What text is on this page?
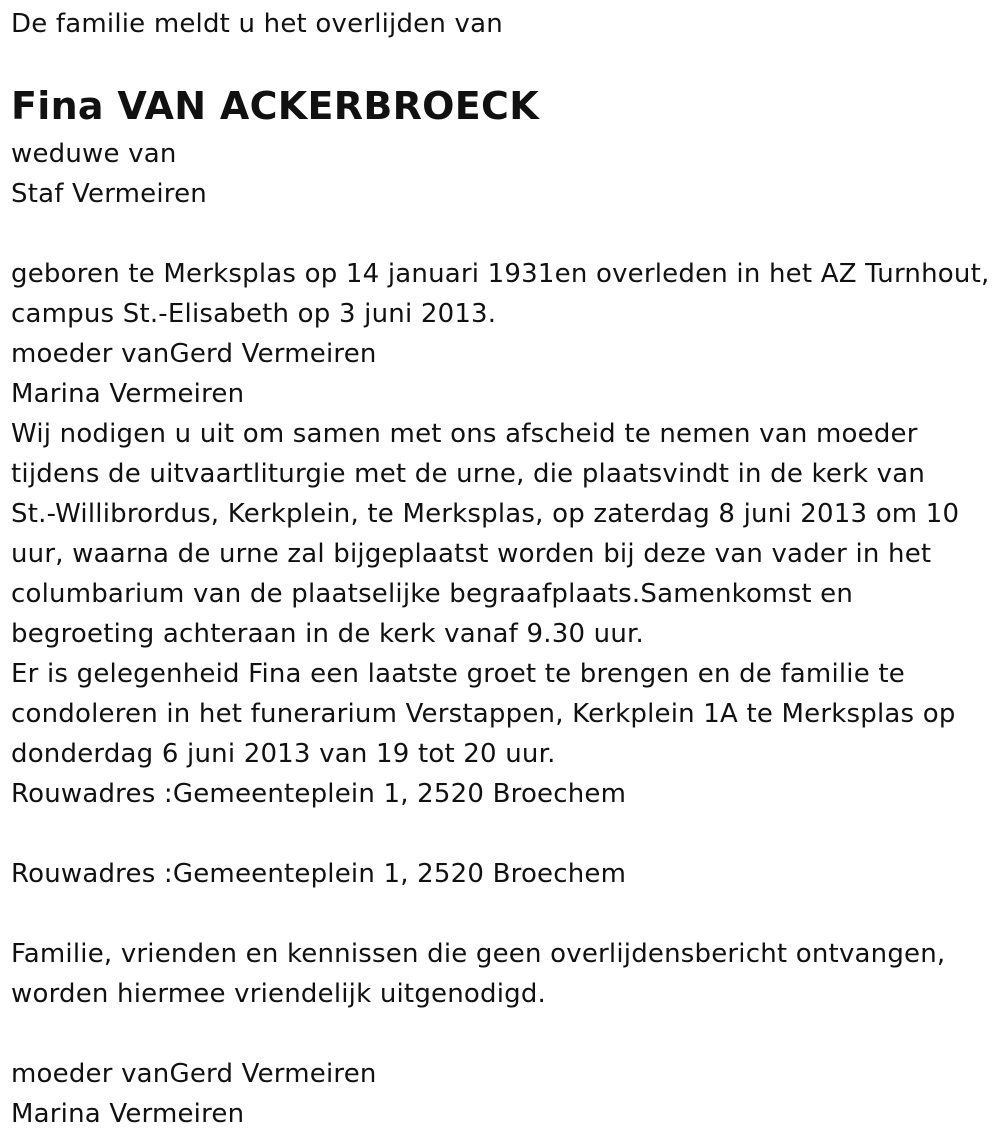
De familie meldt u het overlijden van
Fina VAN ACKERBROECK
weduwe van
Staf Vermeiren
geboren te Merksplas op 14 januari 1931en overleden in het AZ Turnhout,
campus St.-Elisabeth op 3 juni 2013.
moeder vanGerd Vermeiren
Marina Vermeiren
Wij nodigen u uit om samen met ons afscheid te nemen van moeder
tijdens de uitvaartliturgie met de urne, die plaatsvindt in de kerk van
St.-Willibrordus, Kerkplein, te Merksplas, op zaterdag 8 juni 2013 om 10
uur, waarna de urne zal bijgeplaatst worden bij deze van vader in het
columbarium van de plaatselijke begraafplaats.Samenkomst en
begroeting achteraan in de kerk vanaf 9.30 uur.
Er is gelegenheid Fina een laatste groet te brengen en de familie te
condoleren in het funerarium Verstappen, Kerkplein 1A te Merksplas op
donderdag 6 juni 2013 van 19 tot 20 uur.
Rouwadres :Gemeenteplein 1, 2520 Broechem
Rouwadres :Gemeenteplein 1, 2520 Broechem
Familie, vrienden en kennissen die geen overlijdensbericht ontvangen,
worden hiermee vriendelijk uitgenodigd.
moeder vanGerd Vermeiren
Marina Vermeiren
